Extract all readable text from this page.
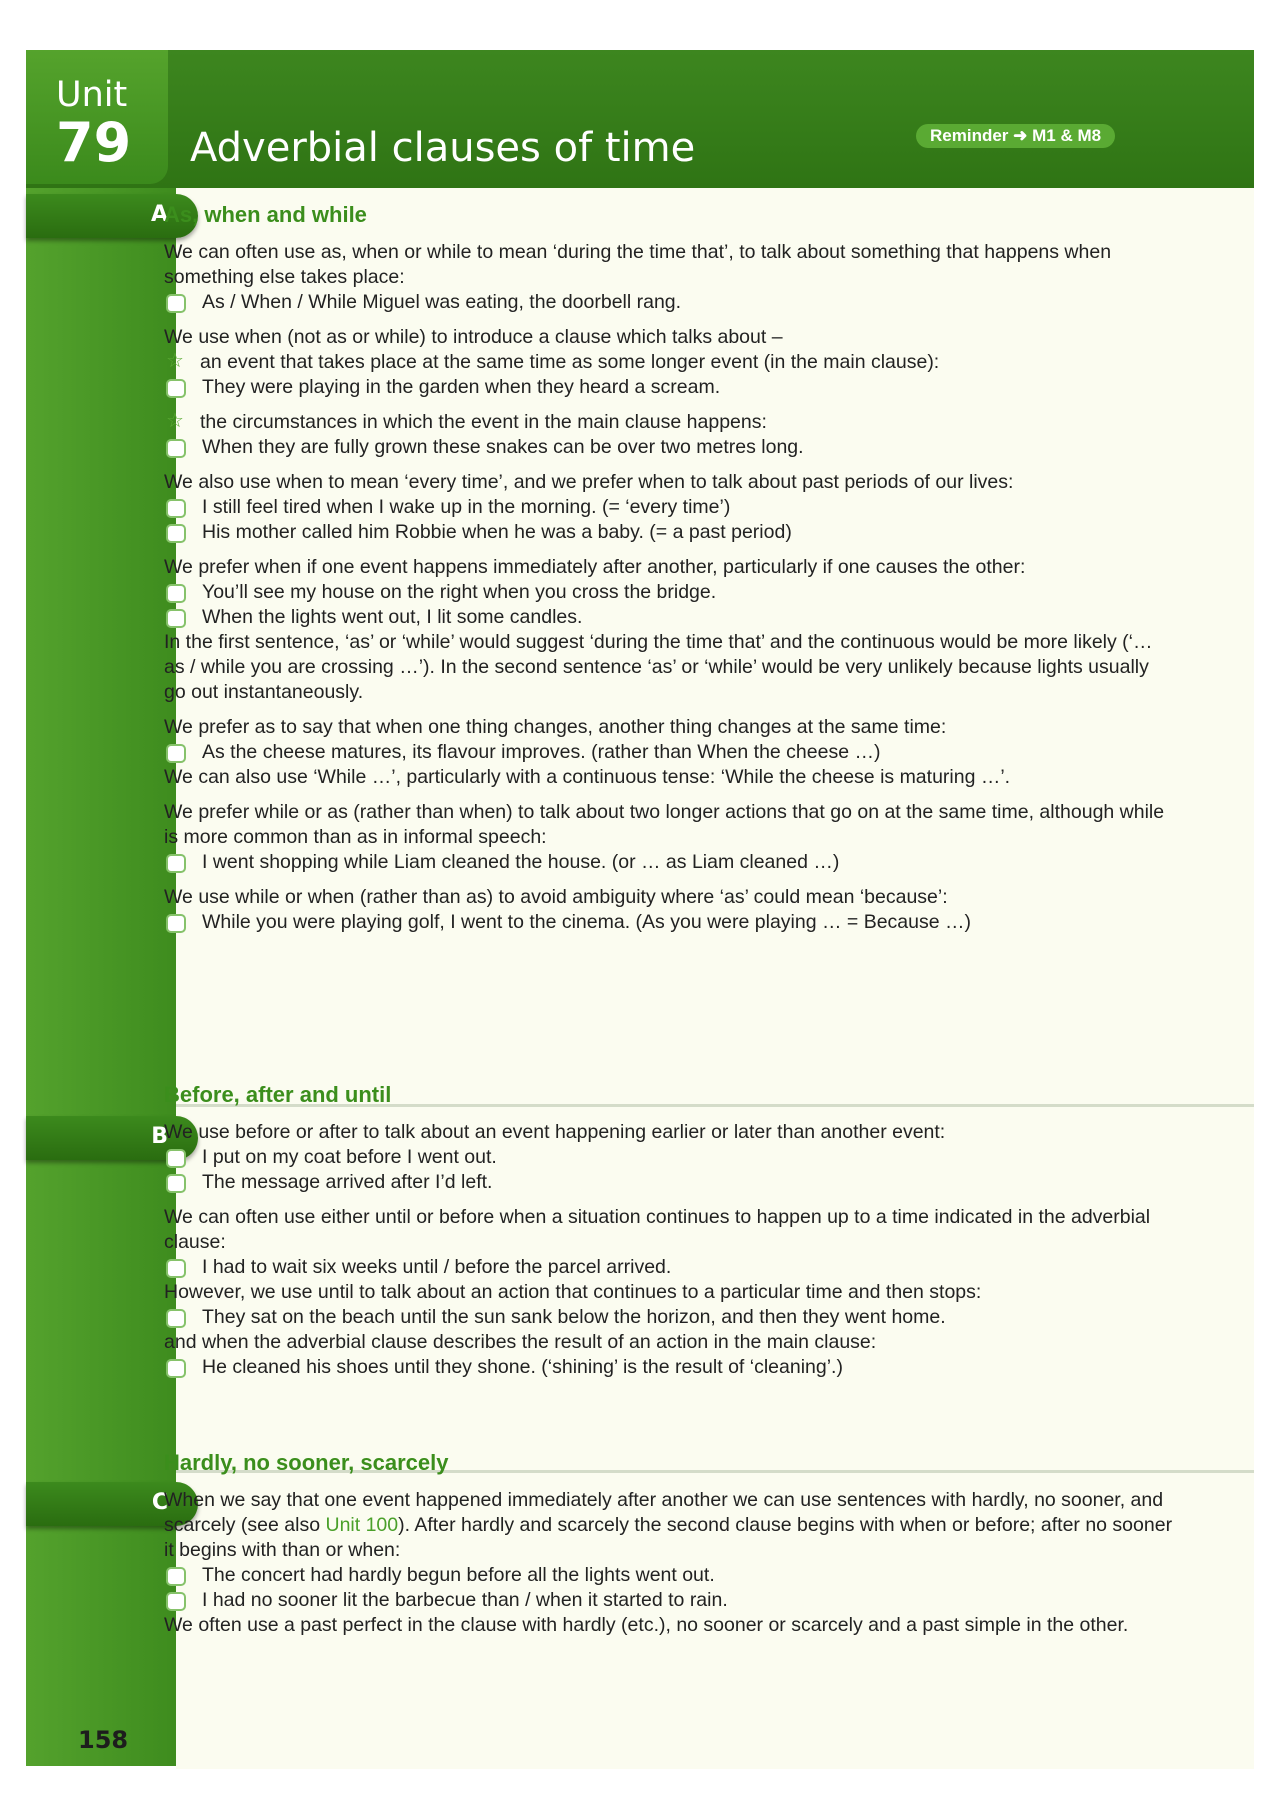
Unit
79 Adverbial clauses of time
A
B
C
158
Reminder ➜ M1 & M8

As, when and while

We can often use as, when or while to mean ‘during the time that’, to talk about something that happens when something else takes place:

As / When / While Miguel was eating, the doorbell rang.

We use when (not as or while) to introduce a clause which talks about –

☆ an event that takes place at the same time as some longer event (in the main clause):

They were playing in the garden when they heard a scream.

☆ the circumstances in which the event in the main clause happens:

When they are fully grown these snakes can be over two metres long.

We also use when to mean ‘every time’, and we prefer when to talk about past periods of our lives:

I still feel tired when I wake up in the morning. (= ‘every time’)

His mother called him Robbie when he was a baby. (= a past period)

We prefer when if one event happens immediately after another, particularly if one causes the other:

You’ll see my house on the right when you cross the bridge.

When the lights went out, I lit some candles.

In the first sentence, ‘as’ or ‘while’ would suggest ‘during the time that’ and the continuous would be more likely (‘… as / while you are crossing …’). In the second sentence ‘as’ or ‘while’ would be very unlikely because lights usually go out instantaneously.

We prefer as to say that when one thing changes, another thing changes at the same time:

As the cheese matures, its flavour improves. (rather than When the cheese …)

We can also use ‘While …’, particularly with a continuous tense: ‘While the cheese is maturing …’.

We prefer while or as (rather than when) to talk about two longer actions that go on at the same time, although while is more common than as in informal speech:

I went shopping while Liam cleaned the house. (or … as Liam cleaned …)

We use while or when (rather than as) to avoid ambiguity where ‘as’ could mean ‘because’:

While you were playing golf, I went to the cinema. (As you were playing … = Because …)

Before, after and until

We use before or after to talk about an event happening earlier or later than another event:

I put on my coat before I went out.

The message arrived after I’d left.

We can often use either until or before when a situation continues to happen up to a time indicated in the adverbial clause:

I had to wait six weeks until / before the parcel arrived.

However, we use until to talk about an action that continues to a particular time and then stops:

They sat on the beach until the sun sank below the horizon, and then they went home.

and when the adverbial clause describes the result of an action in the main clause:

He cleaned his shoes until they shone. (‘shining’ is the result of ‘cleaning’.)

Hardly, no sooner, scarcely

When we say that one event happened immediately after another we can use sentences with hardly, no sooner, and scarcely (see also Unit 100). After hardly and scarcely the second clause begins with when or before; after no sooner it begins with than or when:

The concert had hardly begun before all the lights went out.

I had no sooner lit the barbecue than / when it started to rain.

We often use a past perfect in the clause with hardly (etc.), no sooner or scarcely and a past simple in the other.
